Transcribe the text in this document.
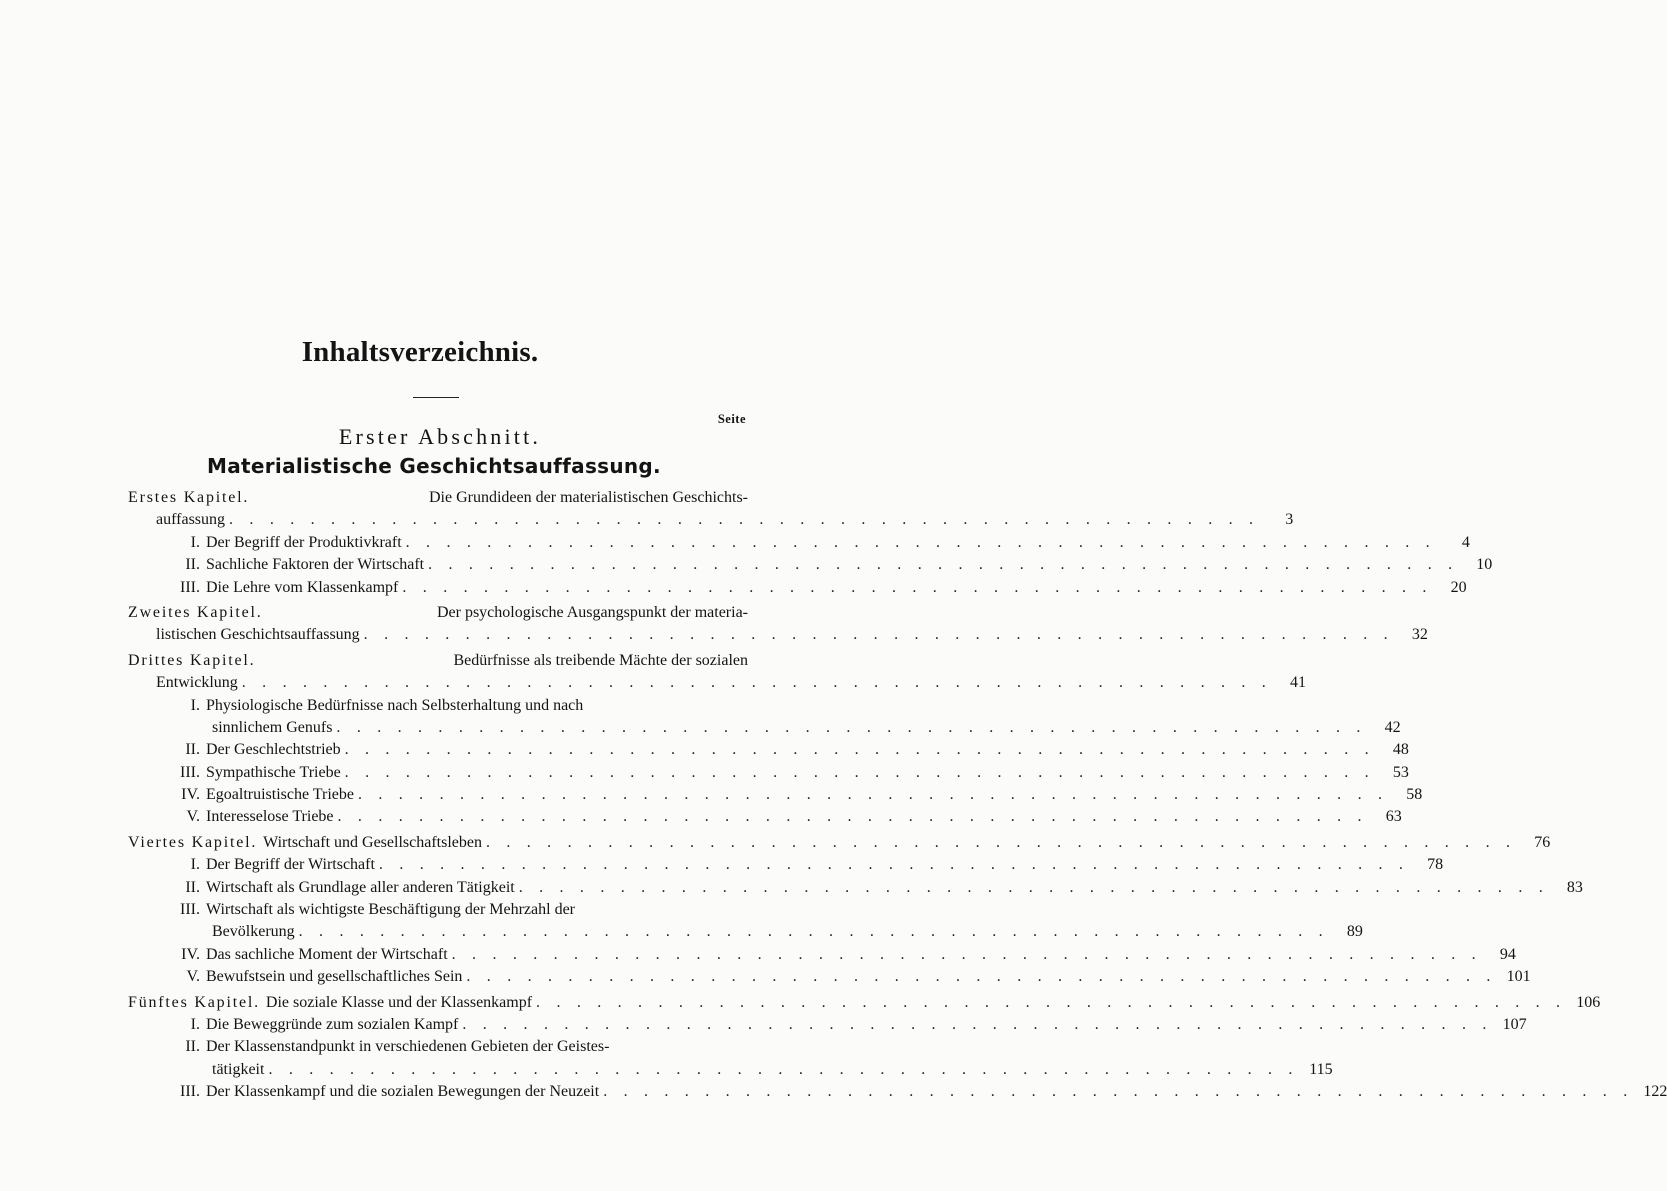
Inhaltsverzeichnis.
Seite
Erster Abschnitt.
Materialistische Geschichtsauffassung.
Erstes Kapitel.	Die Grundideen der materialistischen Geschichts-
auffassung . . . . . . . . . . . . . . . . . . . . . . . . . . . . . . . . . . . . . . . . . . . . . . . . . . .	3
I. Der Begriff der Produktivkraft . . . . . . . . . . . . . . . . . . . . . . . . . . . . . . . . . . . . . . . . . . . . . . . . . . .	4
II. Sachliche Faktoren der Wirtschaft . . . . . . . . . . . . . . . . . . . . . . . . . . . . . . . . . . . . . . . . . . . . . . . . . . .	10
III. Die Lehre vom Klassenkampf . . . . . . . . . . . . . . . . . . . . . . . . . . . . . . . . . . . . . . . . . . . . . . . . . . .	20
Zweites Kapitel.	Der psychologische Ausgangspunkt der materia-
listischen Geschichtsauffassung . . . . . . . . . . . . . . . . . . . . . . . . . . . . . . . . . . . . . . . . . . . . . . . . . . .	32
Drittes Kapitel.	Bedürfnisse als treibende Mächte der sozialen
Entwicklung . . . . . . . . . . . . . . . . . . . . . . . . . . . . . . . . . . . . . . . . . . . . . . . . . . .	41
I. Physiologische Bedürfnisse nach Selbsterhaltung und nach
sinnlichem Genufs . . . . . . . . . . . . . . . . . . . . . . . . . . . . . . . . . . . . . . . . . . . . . . . . . . .	42
II. Der Geschlechtstrieb . . . . . . . . . . . . . . . . . . . . . . . . . . . . . . . . . . . . . . . . . . . . . . . . . . .	48
III. Sympathische Triebe . . . . . . . . . . . . . . . . . . . . . . . . . . . . . . . . . . . . . . . . . . . . . . . . . . .	53
IV. Egoaltruistische Triebe . . . . . . . . . . . . . . . . . . . . . . . . . . . . . . . . . . . . . . . . . . . . . . . . . . .	58
V. Interesselose Triebe . . . . . . . . . . . . . . . . . . . . . . . . . . . . . . . . . . . . . . . . . . . . . . . . . . .	63
Viertes Kapitel. Wirtschaft und Gesellschaftsleben . . . . . . . . . . . . . . . . . . . . . . . . . . . . . . . . . . . . . . . . . . . . . . . . . . .	76
I. Der Begriff der Wirtschaft . . . . . . . . . . . . . . . . . . . . . . . . . . . . . . . . . . . . . . . . . . . . . . . . . . .	78
II. Wirtschaft als Grundlage aller anderen Tätigkeit . . . . . . . . . . . . . . . . . . . . . . . . . . . . . . . . . . . . . . . . . . . . . . . . . . .	83
III. Wirtschaft als wichtigste Beschäftigung der Mehrzahl der
Bevölkerung . . . . . . . . . . . . . . . . . . . . . . . . . . . . . . . . . . . . . . . . . . . . . . . . . . .	89
IV. Das sachliche Moment der Wirtschaft . . . . . . . . . . . . . . . . . . . . . . . . . . . . . . . . . . . . . . . . . . . . . . . . . . .	94
V. Bewufstsein und gesellschaftliches Sein . . . . . . . . . . . . . . . . . . . . . . . . . . . . . . . . . . . . . . . . . . . . . . . . . . . 101
Fünftes Kapitel. Die soziale Klasse und der Klassenkampf . . . . . . . . . . . . . . . . . . . . . . . . . . . . . . . . . . . . . . . . . . . . . . . . . . . 106
I. Die Beweggründe zum sozialen Kampf . . . . . . . . . . . . . . . . . . . . . . . . . . . . . . . . . . . . . . . . . . . . . . . . . . . 107
II. Der Klassenstandpunkt in verschiedenen Gebieten der Geistes-
tätigkeit . . . . . . . . . . . . . . . . . . . . . . . . . . . . . . . . . . . . . . . . . . . . . . . . . . . 115
III. Der Klassenkampf und die sozialen Bewegungen der Neuzeit . . . . . . . . . . . . . . . . . . . . . . . . . . . . . . . . . . . . . . . . . . . . . . . . . . . 122
